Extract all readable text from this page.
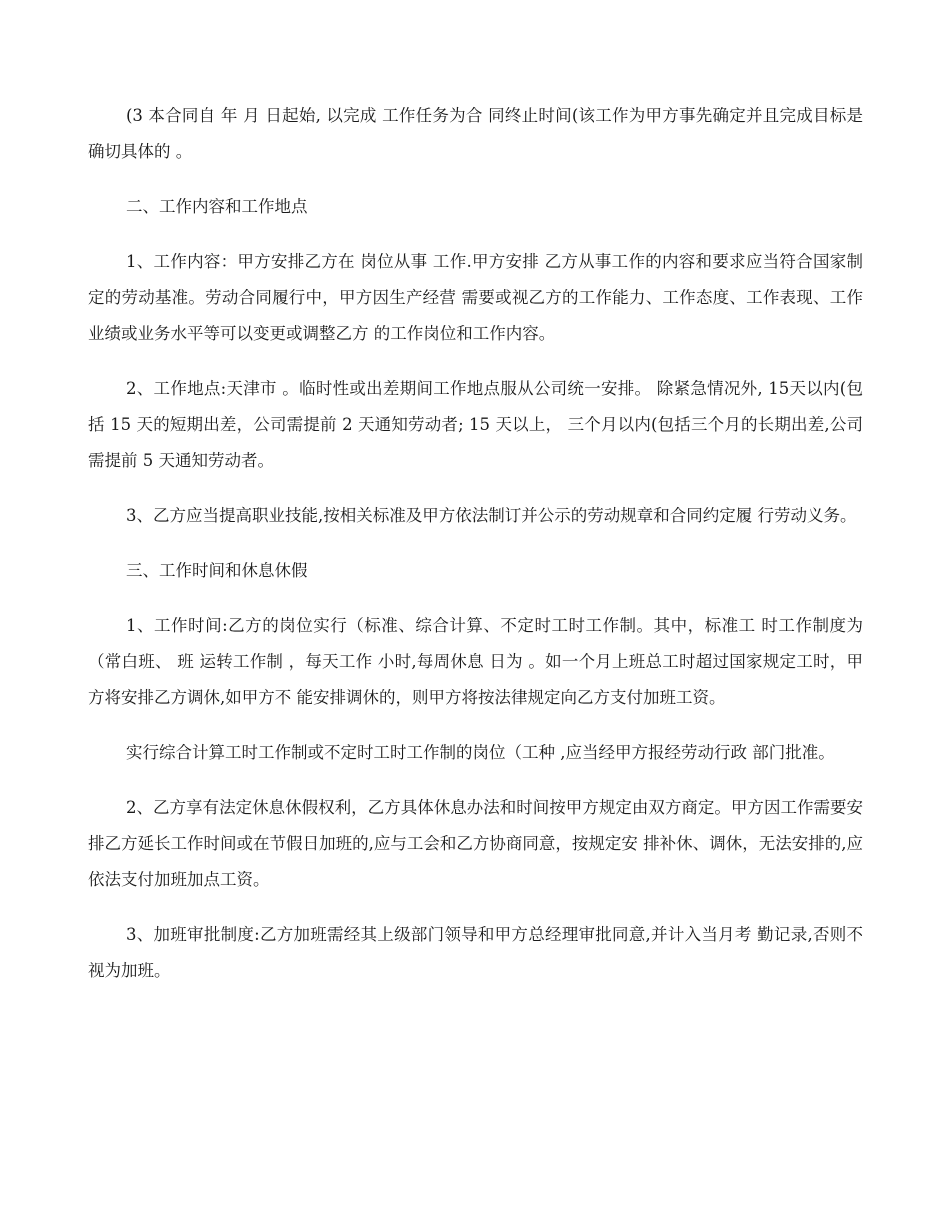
(3 本合同自 年 月 日起始, 以完成 工作任务为合 同终止时间(该工作为甲方事先确定并且完成目标是确切具体的 。

二、工作内容和工作地点

1、工作内容：甲方安排乙方在 岗位从事 工作.甲方安排 乙方从事工作的内容和要求应当符合国家制定的劳动基准。劳动合同履行中，甲方因生产经营 需要或视乙方的工作能力、工作态度、工作表现、工作业绩或业务水平等可以变更或调整乙方 的工作岗位和工作内容。

2、工作地点:天津市 。临时性或出差期间工作地点服从公司统一安排。 除紧急情况外, 15天以内(包括 15 天的短期出差，公司需提前 2 天通知劳动者; 15 天以上， 三个月以内(包括三个月的长期出差,公司需提前 5 天通知劳动者。

3、乙方应当提高职业技能,按相关标准及甲方依法制订并公示的劳动规章和合同约定履 行劳动义务。

三、工作时间和休息休假

1、工作时间:乙方的岗位实行（标准、综合计算、不定时工时工作制。其中，标准工 时工作制度为（常白班、 班 运转工作制 ，每天工作 小时,每周休息 日为 。如一个月上班总工时超过国家规定工时，甲方将安排乙方调休,如甲方不 能安排调休的，则甲方将按法律规定向乙方支付加班工资。

实行综合计算工时工作制或不定时工时工作制的岗位（工种 ,应当经甲方报经劳动行政 部门批准。

2、乙方享有法定休息休假权利，乙方具体休息办法和时间按甲方规定由双方商定。甲方因工作需要安排乙方延长工作时间或在节假日加班的,应与工会和乙方协商同意，按规定安 排补休、调休，无法安排的,应依法支付加班加点工资。

3、加班审批制度:乙方加班需经其上级部门领导和甲方总经理审批同意,并计入当月考 勤记录,否则不视为加班。
